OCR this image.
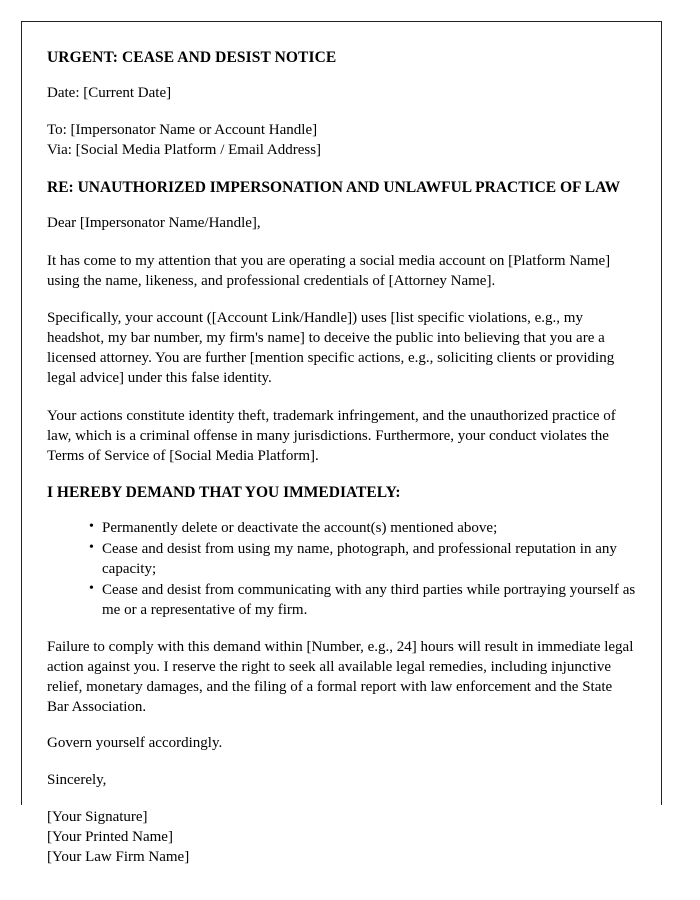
URGENT: CEASE AND DESIST NOTICE
Date: [Current Date]
To: [Impersonator Name or Account Handle]
Via: [Social Media Platform / Email Address]
RE: UNAUTHORIZED IMPERSONATION AND UNLAWFUL PRACTICE OF LAW
Dear [Impersonator Name/Handle],

It has come to my attention that you are operating a social media account on [Platform Name] using the name, likeness, and professional credentials of [Attorney Name].

Specifically, your account ([Account Link/Handle]) uses [list specific violations, e.g., my headshot, my bar number, my firm's name] to deceive the public into believing that you are a licensed attorney. You are further [mention specific actions, e.g., soliciting clients or providing legal advice] under this false identity.

Your actions constitute identity theft, trademark infringement, and the unauthorized practice of law, which is a criminal offense in many jurisdictions. Furthermore, your conduct violates the Terms of Service of [Social Media Platform].

I HEREBY DEMAND THAT YOU IMMEDIATELY:
• Permanently delete or deactivate the account(s) mentioned above;
• Cease and desist from using my name, photograph, and professional reputation in any capacity;
• Cease and desist from communicating with any third parties while portraying yourself as me or a representative of my firm.

Failure to comply with this demand within [Number, e.g., 24] hours will result in immediate legal action against you. I reserve the right to seek all available legal remedies, including injunctive relief, monetary damages, and the filing of a formal report with law enforcement and the State Bar Association.

Govern yourself accordingly.
Sincerely,
[Your Signature]
[Your Printed Name]
[Your Law Firm Name]
